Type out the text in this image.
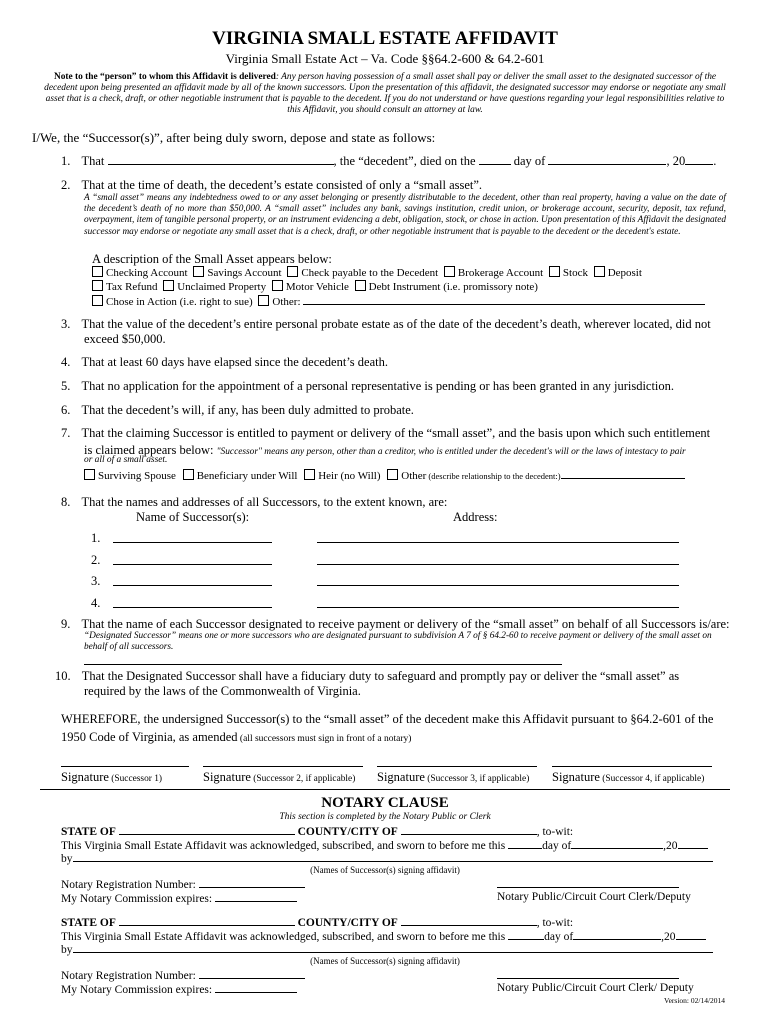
VIRGINIA SMALL ESTATE AFFIDAVIT
Virginia Small Estate Act – Va. Code §§64.2-600 & 64.2-601
Note to the “person” to whom this Affidavit is delivered: Any person having possession of a small asset shall pay or deliver the small asset to the designated successor of the decedent upon being presented an affidavit made by all of the known successors. Upon the presentation of this affidavit, the designated successor may endorse or negotiate any small asset that is a check, draft, or other negotiable instrument that is payable to the decedent. If you do not understand or have questions regarding your legal responsibilities relative to this Affidavit, you should consult an attorney at law.
I/We, the “Successor(s)”, after being duly sworn, depose and state as follows:
1. That	, the “decedent”, died on the	day of	, 20 .
2. That at the time of death, the decedent’s estate consisted of only a “small asset”.
A “small asset” means any indebtedness owed to or any asset belonging or presently distributable to the decedent, other than real property, having a value on the date of the decedent’s death of no more than $50,000. A “small asset” includes any bank, savings institution, credit union, or brokerage account, security, deposit, tax refund, overpayment, item of tangible personal property, or an instrument evidencing a debt, obligation, stock, or chose in action. Upon presentation of this Affidavit the designated successor may endorse or negotiate any small asset that is a check, draft, or other negotiable instrument that is payable to the decedent or the decedent's estate.
A description of the Small Asset appears below:
Checking Account Savings Account Check payable to the Decedent Brokerage Account Stock Deposit
Tax Refund Unclaimed Property Motor Vehicle Debt Instrument (i.e. promissory note)
Chose in Action (i.e. right to sue) Other:
3. That the value of the decedent’s entire personal probate estate as of the date of the decedent’s death, wherever located, did not
exceed $50,000.
4. That at least 60 days have elapsed since the decedent’s death.
5. That no application for the appointment of a personal representative is pending or has been granted in any jurisdiction.
6. That the decedent’s will, if any, has been duly admitted to probate.
7. That the claiming Successor is entitled to payment or delivery of the “small asset”, and the basis upon which such entitlement
is claimed appears below: "Successor" means any person, other than a creditor, who is entitled under the decedent's will or the laws of intestacy to pair
or all of a small asset.
Surviving Spouse Beneficiary under Will Heir (no Will) Other (describe relationship to the decedent:)
8. That the names and addresses of all Successors, to the extent known, are:
Name of Successor(s):	Address:
1.
2.
3.
4.
9. That the name of each Successor designated to receive payment or delivery of the “small asset” on behalf of all Successors is/are:
“Designated Successor” means one or more successors who are designated pursuant to subdivision A 7 of § 64.2-60 to receive payment or delivery of the small asset on behalf of all successors.
10. That the Designated Successor shall have a fiduciary duty to safeguard and promptly pay or deliver the “small asset” as
required by the laws of the Commonwealth of Virginia.
WHEREFORE, the undersigned Successor(s) to the “small asset” of the decedent make this Affidavit pursuant to §64.2-601 of the
1950 Code of Virginia, as amended (all successors must sign in front of a notary)
Signature (Successor 1)	Signature (Successor 2, if applicable) Signature (Successor 3, if applicable) Signature (Successor 4, if applicable)
NOTARY CLAUSE
This section is completed by the Notary Public or Clerk
STATE OF	COUNTY/CITY OF	, to-wit:
This Virginia Small Estate Affidavit was acknowledged, subscribed, and sworn to before me this	day of	,20
by
(Names of Successor(s) signing affidavit)
Notary Registration Number:
My Notary Commission expires:	Notary Public/Circuit Court Clerk/Deputy
STATE OF	COUNTY/CITY OF	, to-wit:
This Virginia Small Estate Affidavit was acknowledged, subscribed, and sworn to before me this	day of	,20
by
(Names of Successor(s) signing affidavit)
Notary Registration Number:
My Notary Commission expires:	Notary Public/Circuit Court Clerk/ Deputy
Version: 02/14/2014
